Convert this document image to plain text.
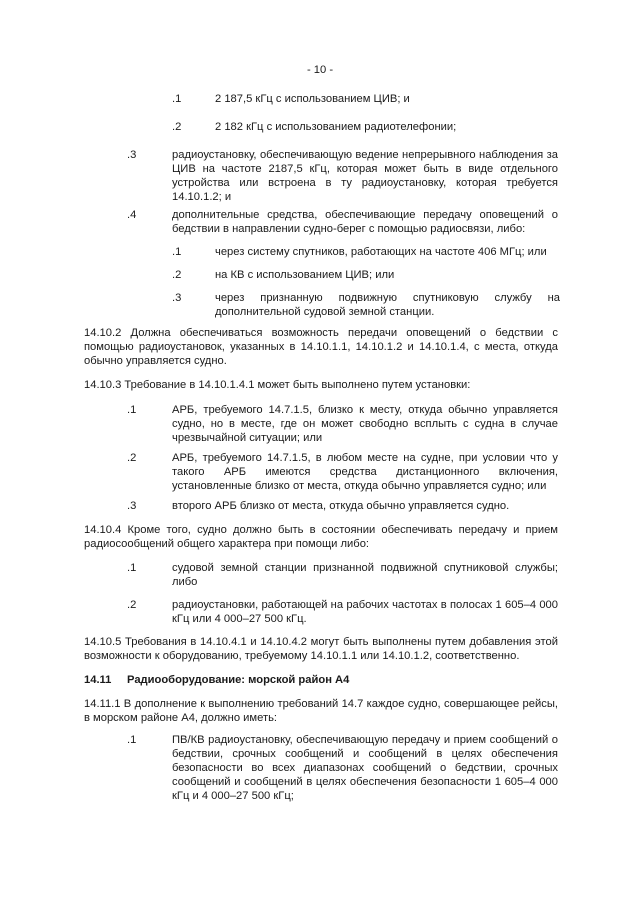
- 10 -

.1	2 187,5 кГц с использованием ЦИВ; и

.2	2 182 кГц с использованием радиотелефонии;

.3	радиоустановку, обеспечивающую ведение непрерывного наблюдения за ЦИВ на частоте 2187,5 кГц, которая может быть в виде отдельного устройства или встроена в ту радиоустановку, которая требуется 14.10.1.2; и

.4	дополнительные средства, обеспечивающие передачу оповещений о бедствии в направлении судно-берег с помощью радиосвязи, либо:

.1	через систему спутников, работающих на частоте 406 МГц; или

.2	на КВ с использованием ЦИВ; или

.3	через признанную подвижную спутниковую службу на дополнительной судовой земной станции.

14.10.2 Должна обеспечиваться возможность передачи оповещений о бедствии с помощью радиоустановок, указанных в 14.10.1.1, 14.10.1.2 и 14.10.1.4, с места, откуда обычно управляется судно.

14.10.3 Требование в 14.10.1.4.1 может быть выполнено путем установки:

.1	АРБ, требуемого 14.7.1.5, близко к месту, откуда обычно управляется судно, но в месте, где он может свободно всплыть с судна в случае чрезвычайной ситуации; или

.2	АРБ, требуемого 14.7.1.5, в любом месте на судне, при условии что у такого АРБ имеются средства дистанционного включения, установленные близко от места, откуда обычно управляется судно; или

.3	второго АРБ близко от места, откуда обычно управляется судно.

14.10.4 Кроме того, судно должно быть в состоянии обеспечивать передачу и прием радиосообщений общего характера при помощи либо:

.1	судовой земной станции признанной подвижной спутниковой службы; либо

.2	радиоустановки, работающей на рабочих частотах в полосах 1 605–4 000 кГц или 4 000–27 500 кГц.

14.10.5 Требования в 14.10.4.1 и 14.10.4.2 могут быть выполнены путем добавления этой возможности к оборудованию, требуемому 14.10.1.1 или 14.10.1.2, соответственно.

14.11 Радиооборудование: морской район А4

14.11.1 В дополнение к выполнению требований 14.7 каждое судно, совершающее рейсы, в морском районе А4, должно иметь:

.1	ПВ/КВ радиоустановку, обеспечивающую передачу и прием сообщений о бедствии, срочных сообщений и сообщений в целях обеспечения безопасности во всех диапазонах сообщений о бедствии, срочных сообщений и сообщений в целях обеспечения безопасности 1 605–4 000 кГц и 4 000–27 500 кГц;
